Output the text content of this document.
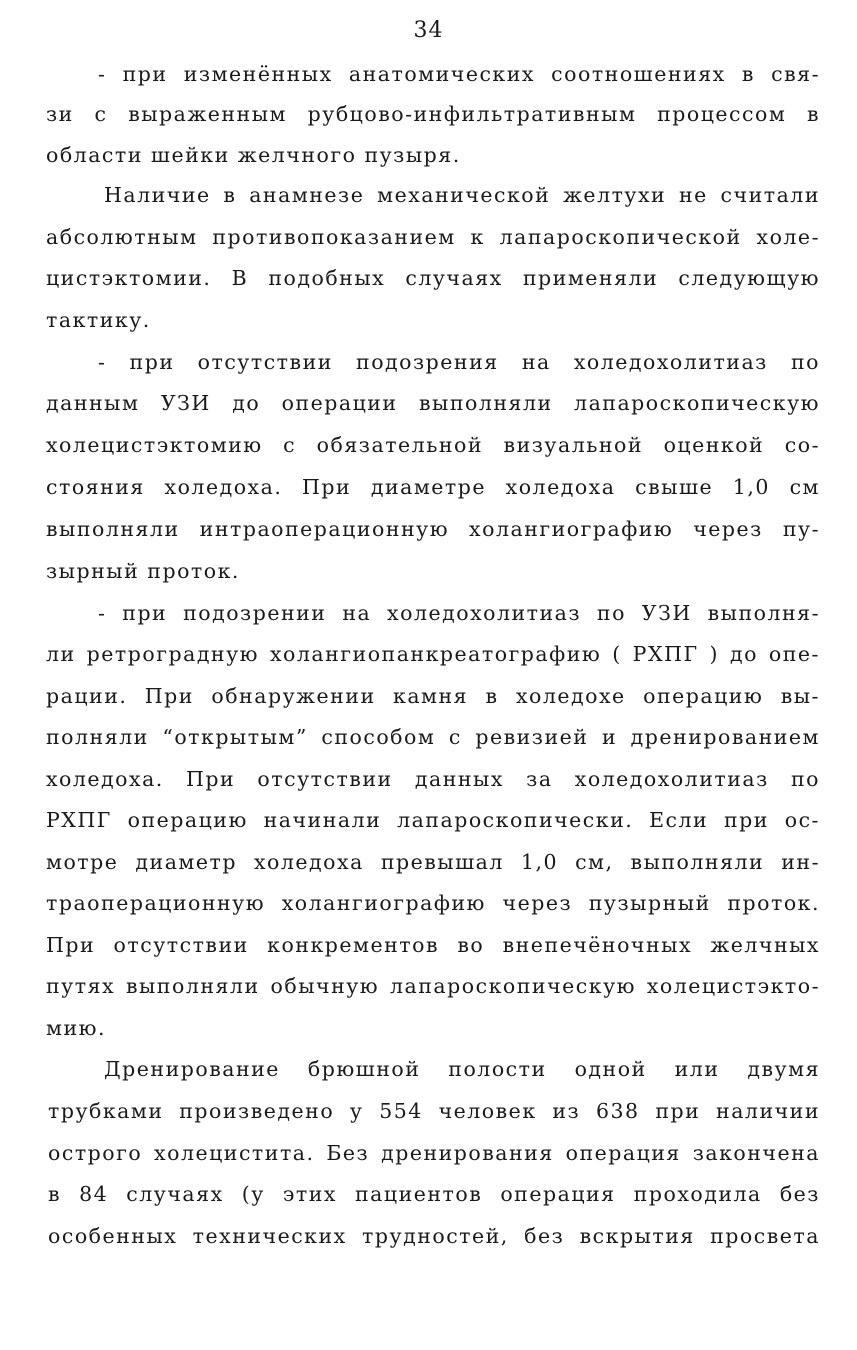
34
- при изменённых анатомических соотношениях в свя-
зи с выраженным рубцово-инфильтративным процессом в
области шейки желчного пузыря.
Наличие в анамнезе механической желтухи не считали
абсолютным противопоказанием к лапароскопической холе-
цистэктомии. В подобных случаях применяли следующую
тактику.
- при отсутствии подозрения на холедохолитиаз по
данным УЗИ до операции выполняли лапароскопическую
холецистэктомию с обязательной визуальной оценкой со-
стояния холедоха. При диаметре холедоха свыше 1,0 см
выполняли интраоперационную холангиографию через пу-
зырный проток.
- при подозрении на холедохолитиаз по УЗИ выполня-
ли ретроградную холангиопанкреатографию ( РХПГ ) до опе-
рации. При обнаружении камня в холедохе операцию вы-
полняли “открытым” способом с ревизией и дренированием
холедоха. При отсутствии данных за холедохолитиаз по
РХПГ операцию начинали лапароскопически. Если при ос-
мотре диаметр холедоха превышал 1,0 см, выполняли ин-
траоперационную холангиографию через пузырный проток.
При отсутствии конкрементов во внепечёночных желчных
путях выполняли обычную лапароскопическую холецистэкто-
мию.
Дренирование брюшной полости одной или двумя
трубками произведено у 554 человек из 638 при наличии
острого холецистита. Без дренирования операция закончена
в 84 случаях (у этих пациентов операция проходила без
особенных технических трудностей, без вскрытия просвета
